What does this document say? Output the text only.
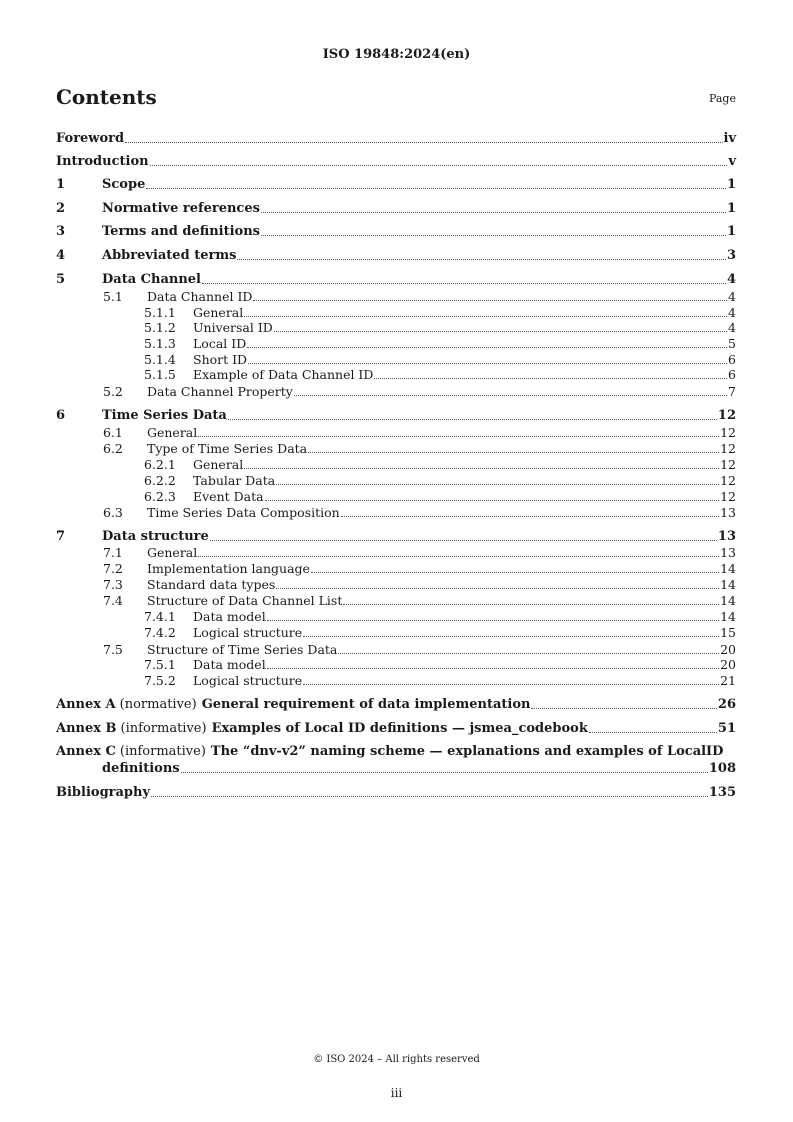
ISO 19848:2024(en)
Contents	Page
Foreword	iv
Introduction	v
1	Scope	1
2	Normative references	1
3	Terms and definitions	1
4	Abbreviated terms	3
5	Data Channel	4
5.1	Data Channel ID	4
5.1.1	General	4
5.1.2	Universal ID	4
5.1.3	Local ID	5
5.1.4	Short ID	6
5.1.5	Example of Data Channel ID	6
5.2	Data Channel Property	7
6	Time Series Data	12
6.1	General	12
6.2	Type of Time Series Data	12
6.2.1	General	12
6.2.2	Tabular Data	12
6.2.3	Event Data	12
6.3	Time Series Data Composition	13
7	Data structure	13
7.1	General	13
7.2	Implementation language	14
7.3	Standard data types	14
7.4	Structure of Data Channel List	14
7.4.1	Data model	14
7.4.2	Logical structure	15
7.5	Structure of Time Series Data	20
7.5.1	Data model	20
7.5.2	Logical structure	21
Annex A (normative) General requirement of data implementation	26
Annex B (informative) Examples of Local ID definitions — jsmea_codebook	51
Annex C (informative) The “dnv-v2” naming scheme — explanations and examples of LocalID
definitions	108
Bibliography	135
© ISO 2024 – All rights reserved
iii
